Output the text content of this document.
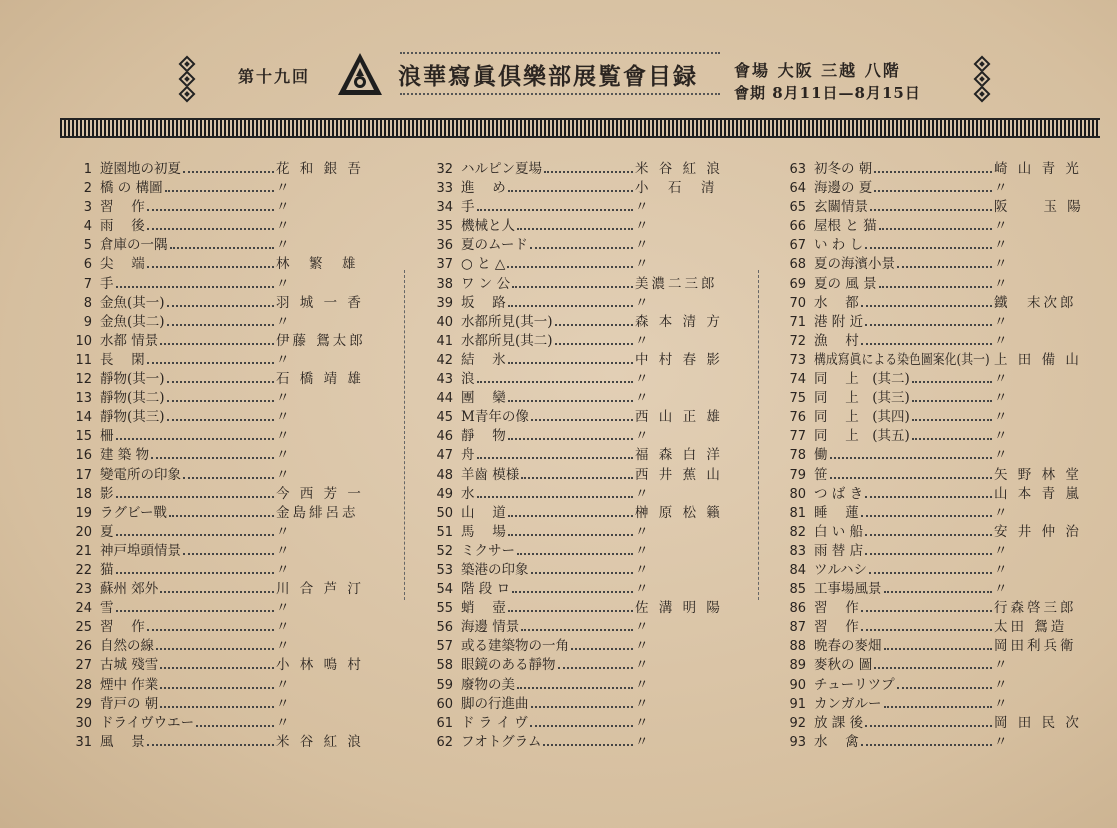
第十九回	浪華寫眞倶樂部展覧會目録 會場 大阪 三越 八階
會期 8月11日—8月15日
1 遊園地の初夏	花 和 銀 吾
2 橋 の 構圖	〃
3 習　 作	〃
4 雨　 後	〃
5 倉庫の一隅	〃
6 尖　 端	林　繁　雄
7 手	〃
8 金魚(其一)	羽 城 一 香
9 金魚(其二)	〃
10 水都 情景	伊藤 鴛太郎
11 長　 閑	〃
12 靜物(其一)	石 橋 靖 雄
13 靜物(其二)	〃
14 靜物(其三)	〃
15 柵	〃
16 建 築 物	〃
17 變電所の印象	〃
18 影	今 西 芳 一
19 ラグビー戰	金島緋呂志
20 夏	〃
21 神戸埠頭情景	〃
22 猫	〃
23 蘇州 郊外	川 合 芦 汀
24 雪	〃
25 習　 作	〃
26 自然の線	〃
27 古城 殘雪	小 林 鳴 村
28 煙中 作業	〃
29 背戸の 朝	〃
30 ドライヴウエー	〃
31 風　 景	米 谷 紅 浪
32 ハルピン夏場	米 谷 紅 浪
33 進　 め	小　石　清
34 手	〃
35 機械と人	〃
36 夏のムード	〃
37 ○ と △	〃
38 ワ ン 公	美濃二三郎
39 坂　 路	〃
40 水都所見(其一)	森 本 清 方
41 水都所見(其二)	〃
42 結　 氷	中 村 春 影
43 浪	〃
44 團　 欒	〃
45 M青年の像	西 山 正 雄
46 靜　 物	〃
47 舟	福 森 白 洋
48 羊齒 模様	西 井 蕉 山
49 水	〃
50 山　 道	榊 原 松 籟
51 馬　 場	〃
52 ミクサー	〃
53 築港の印象	〃
54 階 段 ロ	〃
55 蛸　 壺	佐 溝 明 陽
56 海邊 情景	〃
57 或る建築物の一角	〃
58 眼鏡のある靜物	〃
59 廢物の美	〃
60 脚の行進曲	〃
61 ド ラ イ ヴ	〃
62 フオトグラム	〃
63 初冬の 朝	崎 山 青 光
64 海邊の 夏	〃
65 玄關情景	阪　　玉 陽
66 屋根 と 猫	〃
67 い わ し	〃
68 夏の海濱小景	〃
69 夏の 風 景	〃
70 水　 都	鐵　末次郎
71 港 附 近	〃
72 漁　 村	〃
73 構成寫眞による染色圖案化(其一) 上 田 備 山
74 同　 上　(其二)	〃
75 同　 上　(其三)	〃
76 同　 上　(其四)	〃
77 同　 上　(其五)	〃
78 働	〃
79 笹	矢 野 林 堂
80 つ ば き	山 本 青 嵐
81 睡　 蓮	〃
82 白 い 船	安 井 仲 治
83 雨 替 店	〃
84 ツルハシ	〃
85 工事場風景	〃
86 習　 作	行森啓三郎
87 習　 作	太田 鴛造
88 晩春の麥畑	岡田利兵衛
89 麥秋の 圖	〃
90 チューリツプ	〃
91 カンガルー	〃
92 放 課 後	岡 田 民 次
93 水　 禽	〃
